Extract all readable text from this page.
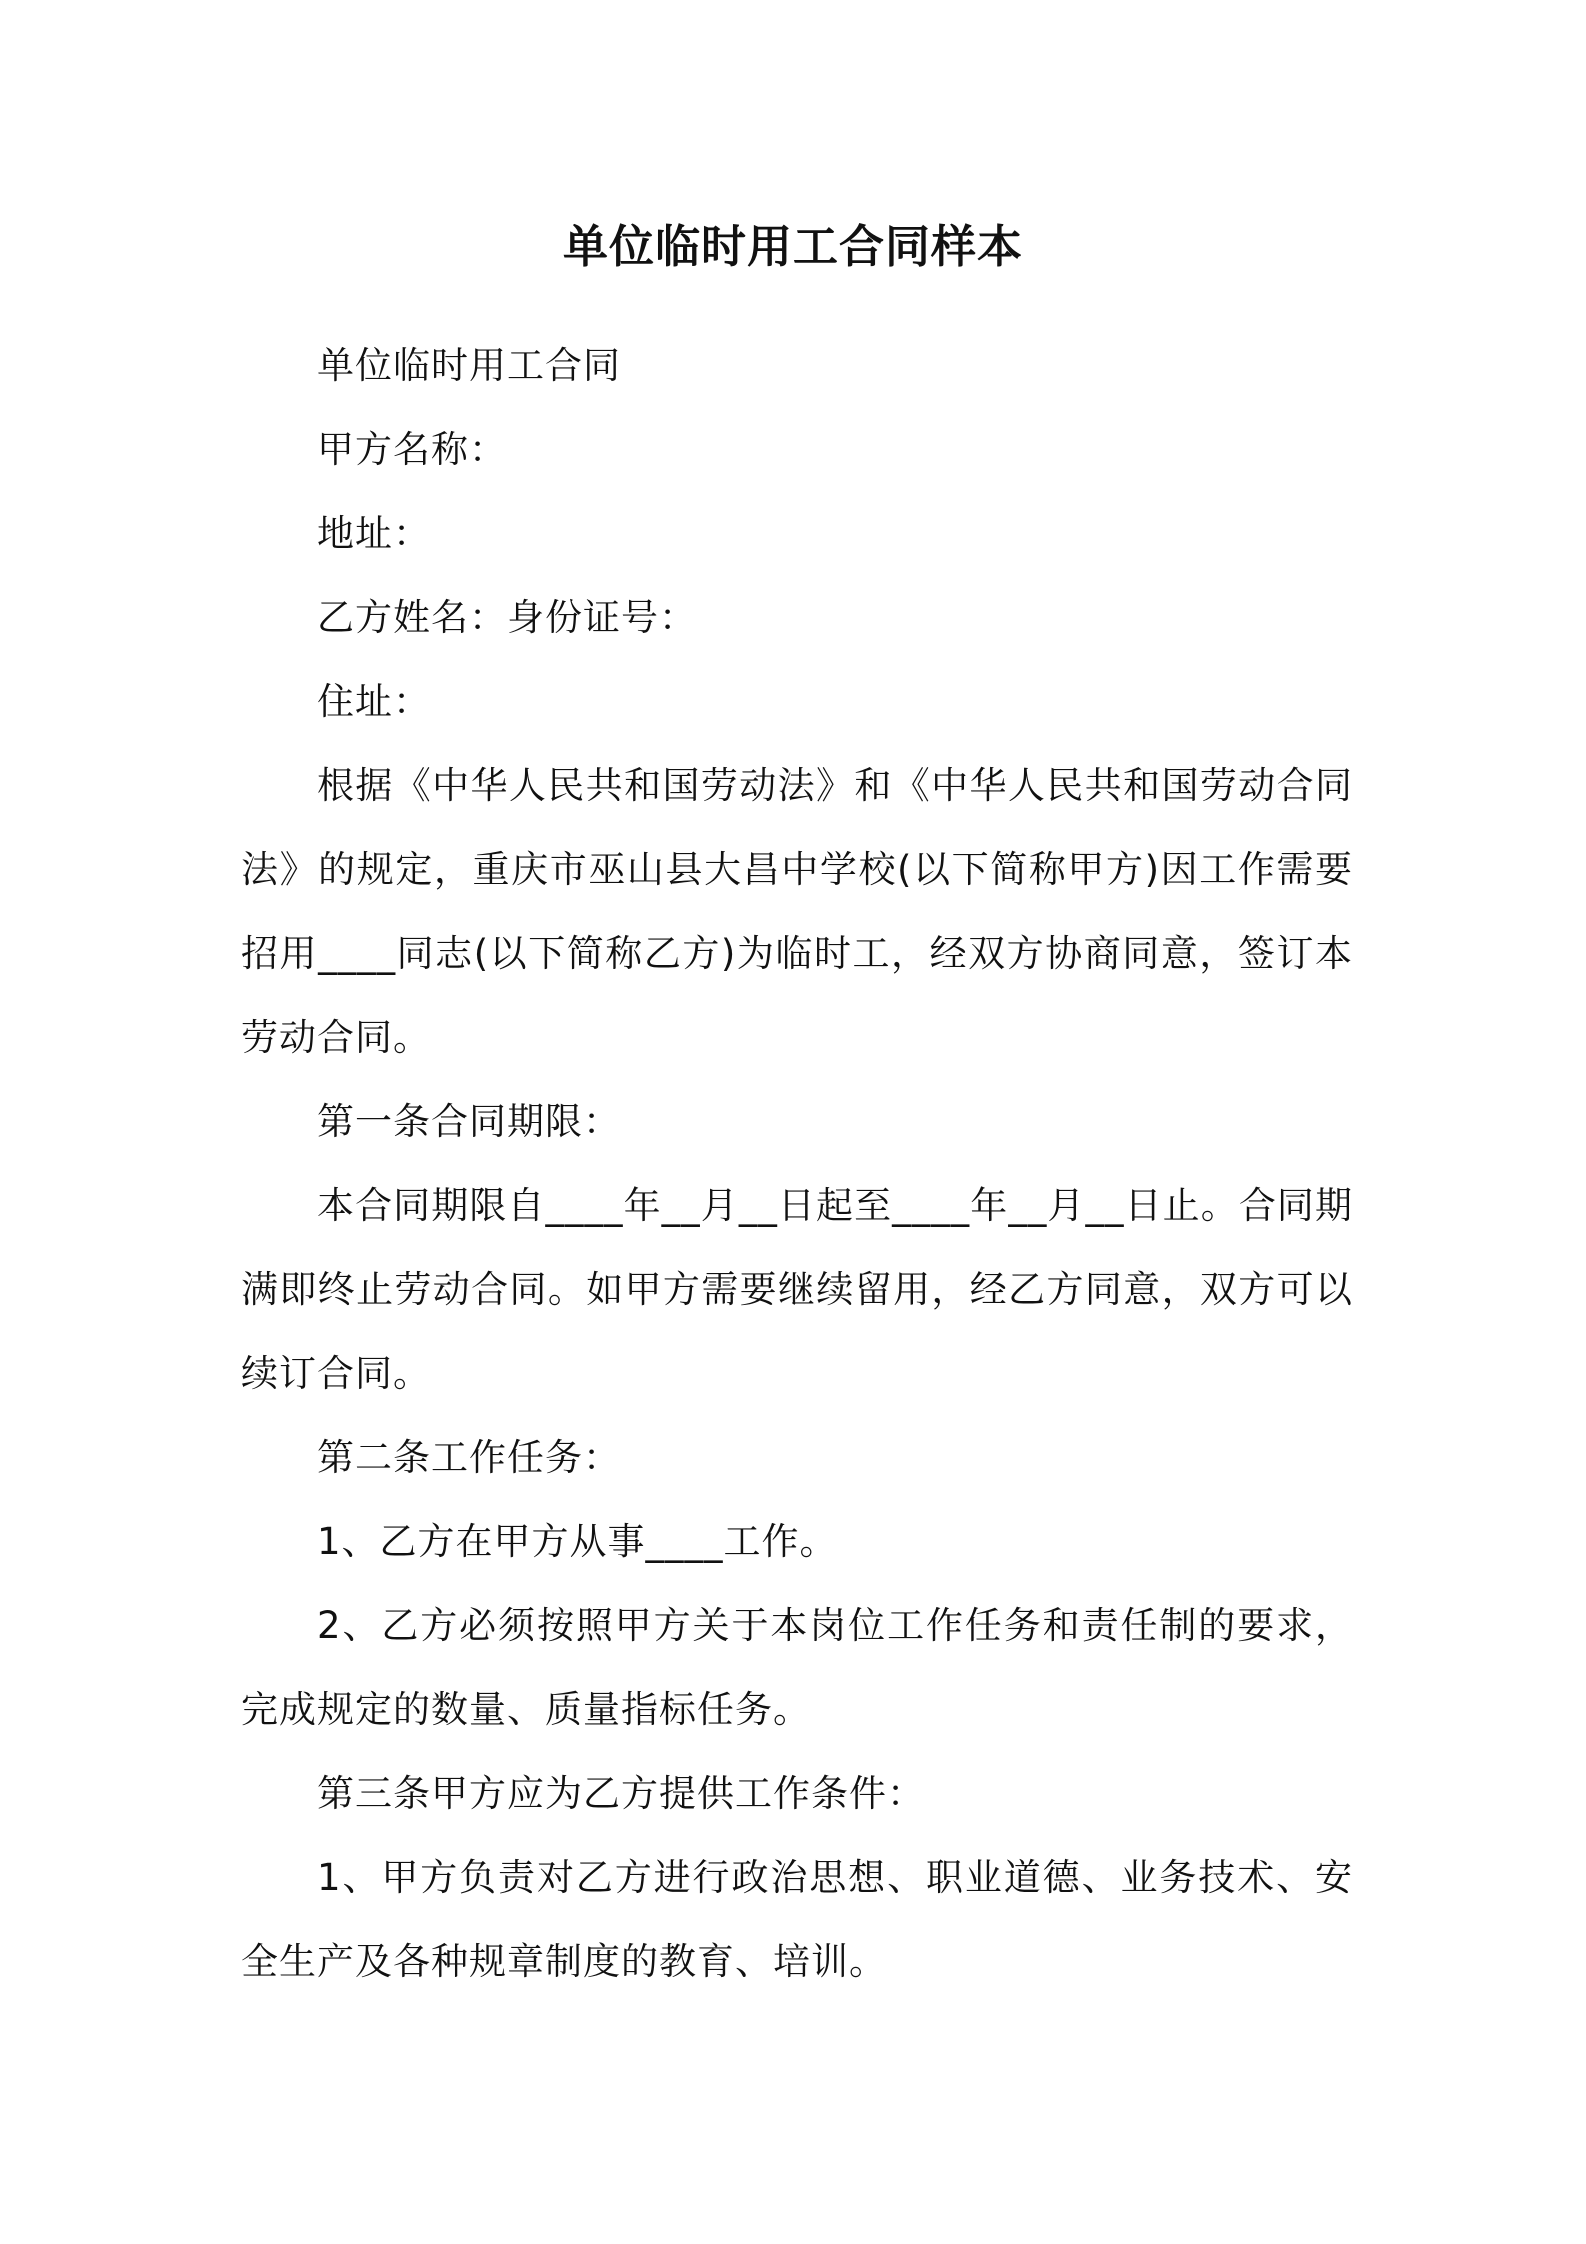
单位临时用工合同样本

单位临时用工合同

甲方名称：

地址：

乙方姓名：身份证号：

住址：

根据《中华人民共和国劳动法》和《中华人民共和国劳动合同法》的规定，重庆市巫山县大昌中学校(以下简称甲方)因工作需要招用____同志(以下简称乙方)为临时工，经双方协商同意，签订本劳动合同。

第一条合同期限：

本合同期限自____年__月__日起至____年__月__日止。合同期满即终止劳动合同。如甲方需要继续留用，经乙方同意，双方可以续订合同。

第二条工作任务：

1、乙方在甲方从事____工作。

2、乙方必须按照甲方关于本岗位工作任务和责任制的要求，完成规定的数量、质量指标任务。

第三条甲方应为乙方提供工作条件：

1、甲方负责对乙方进行政治思想、职业道德、业务技术、安全生产及各种规章制度的教育、培训。
